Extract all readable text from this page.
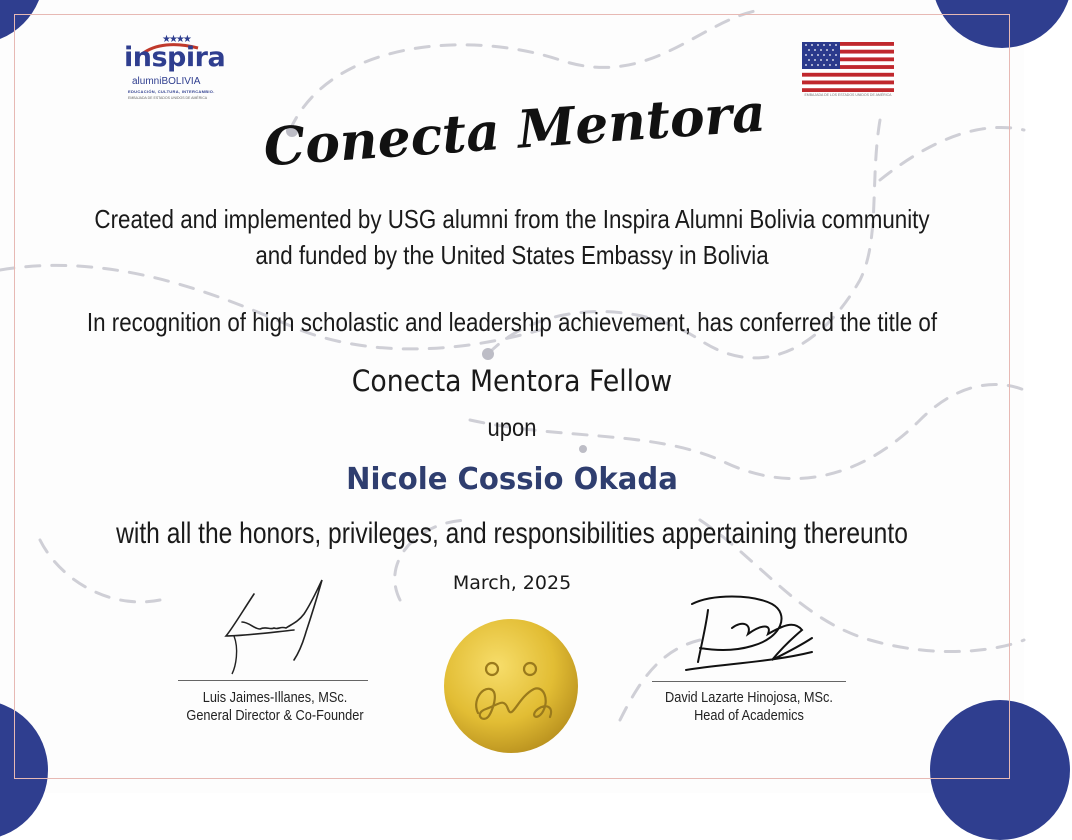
★★★★
inspira
alumniBOLIVIA
EDUCACIÓN, CULTURA, INTERCAMBIO.
EMBAJADA DE ESTADOS UNIDOS DE AMÉRICA
EMBAJADA DE LOS ESTADOS UNIDOS DE AMÉRICA
Conecta Mentora
Created and implemented by USG alumni from the Inspira Alumni Bolivia community
and funded by the United States Embassy in Bolivia
In recognition of high scholastic and leadership achievement, has conferred the title of
Conecta Mentora Fellow
upon
Nicole Cossio Okada
with all the honors, privileges, and responsibilities appertaining thereunto
March, 2025
Luis Jaimes-Illanes, MSc.
General Director & Co-Founder
David Lazarte Hinojosa, MSc.
Head of Academics
